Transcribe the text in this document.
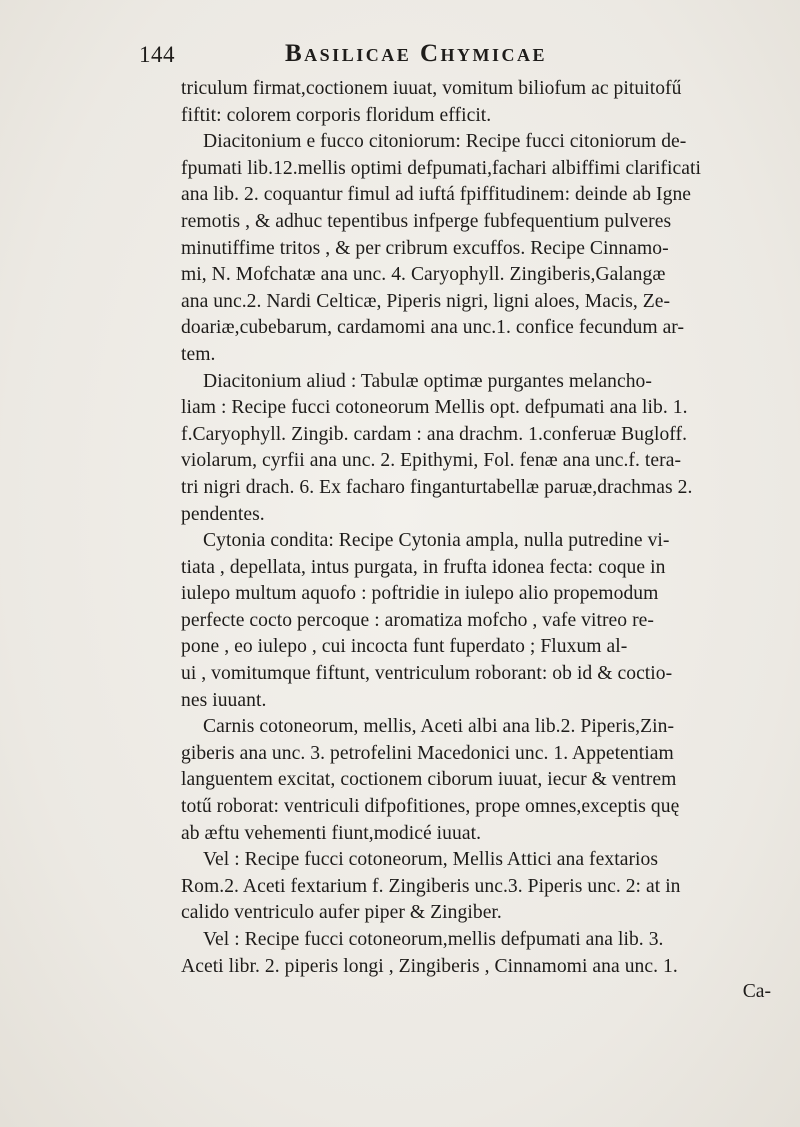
144	Basilicae Chymicae
triculum firmat,coctionem iuuat, vomitum biliofum ac pituitofű
fiftit: colorem corporis floridum efficit.
Diacitonium e fucco citoniorum: Recipe fucci citoniorum de-
fpumati lib.12.mellis optimi defpumati,fachari albiffimi clarificati
ana lib. 2. coquantur fimul ad iuftá fpiffitudinem: deinde ab Igne
remotis , & adhuc tepentibus infperge fubfequentium pulveres
minutiffime tritos , & per cribrum excuffos. Recipe Cinnamo-
mi, N. Mofchatæ ana unc. 4. Caryophyll. Zingiberis,Galangæ
ana unc.2. Nardi Celticæ, Piperis nigri, ligni aloes, Macis, Ze-
doariæ,cubebarum, cardamomi ana unc.1. confice fecundum ar-
tem.
Diacitonium aliud : Tabulæ optimæ purgantes melancho-
liam : Recipe fucci cotoneorum Mellis opt. defpumati ana lib. 1.
f.Caryophyll. Zingib. cardam : ana drachm. 1.conferuæ Bugloff.
violarum, cyrfii ana unc. 2. Epithymi, Fol. fenæ ana unc.f. tera-
tri nigri drach. 6. Ex facharo finganturtabellæ paruæ,drachmas 2.
pendentes.
Cytonia condita: Recipe Cytonia ampla, nulla putredine vi-
tiata , depellata, intus purgata, in frufta idonea fecta: coque in
iulepo multum aquofo : poftridie in iulepo alio propemodum
perfecte cocto percoque : aromatiza mofcho , vafe vitreo re-
pone , eo iulepo , cui incocta funt fuperdato ; Fluxum al-
ui , vomitumque fiftunt, ventriculum roborant: ob id & coctio-
nes iuuant.
Carnis cotoneorum, mellis, Aceti albi ana lib.2. Piperis,Zin-
giberis ana unc. 3. petrofelini Macedonici unc. 1. Appetentiam
languentem excitat, coctionem ciborum iuuat, iecur & ventrem
totű roborat: ventriculi difpofitiones, prope omnes,exceptis quę
ab æftu vehementi fiunt,modicé iuuat.
Vel : Recipe fucci cotoneorum, Mellis Attici ana fextarios
Rom.2. Aceti fextarium f. Zingiberis unc.3. Piperis unc. 2: at in
calido ventriculo aufer piper & Zingiber.
Vel : Recipe fucci cotoneorum,mellis defpumati ana lib. 3.
Aceti libr. 2. piperis longi , Zingiberis , Cinnamomi ana unc. 1.
Ca-
